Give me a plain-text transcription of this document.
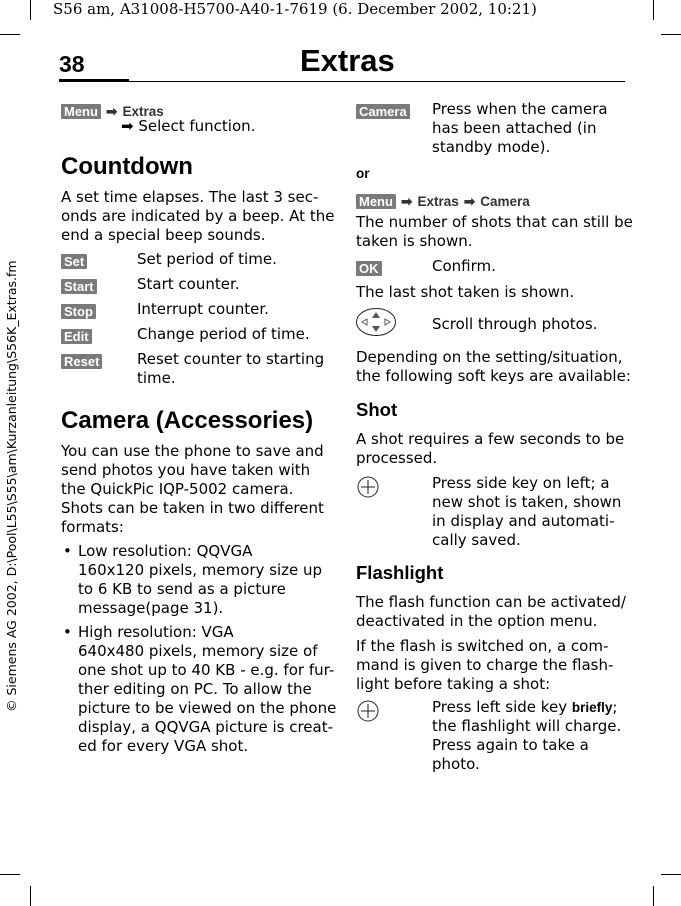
S56 am, A31008-H5700-A40-1-7619 (6. December 2002, 10:21)
© Siemens AG 2002, D:\Pool\L55\S55\am\Kurzanleitung\S56K_Extras.fm
38	Extras
Menu ➡ Extras
➡ Select function.
Countdown
A set time elapses. The last 3 sec-
onds are indicated by a beep. At the
end a special beep sounds.
Set	Set period of time.
Start	Start counter.
Stop	Interrupt counter.
Edit	Change period of time.
Reset	Reset counter to starting
time.
Camera (Accessories)
You can use the phone to save and
send photos you have taken with
the QuickPic IQP-5002 camera.
Shots can be taken in two different
formats:
• Low resolution: QQVGA
160x120 pixels, memory size up
to 6 KB to send as a picture
message(page 31).
• High resolution: VGA
640x480 pixels, memory size of
one shot up to 40 KB - e.g. for fur-
ther editing on PC. To allow the
picture to be viewed on the phone
display, a QQVGA picture is creat-
ed for every VGA shot.
Camera Press when the camera
has been attached (in
standby mode).
or
Menu ➡ Extras ➡ Camera
The number of shots that can still be
taken is shown.
OK	Confirm.
The last shot taken is shown.
Scroll through photos.
Depending on the setting/situation,
the following soft keys are available:
Shot
A shot requires a few seconds to be
processed.
Press side key on left; a
new shot is taken, shown
in display and automati-
cally saved.
Flashlight
The flash function can be activated/
deactivated in the option menu.
If the flash is switched on, a com-
mand is given to charge the flash-
light before taking a shot:
Press left side key briefly;
the flashlight will charge.
Press again to take a
photo.
